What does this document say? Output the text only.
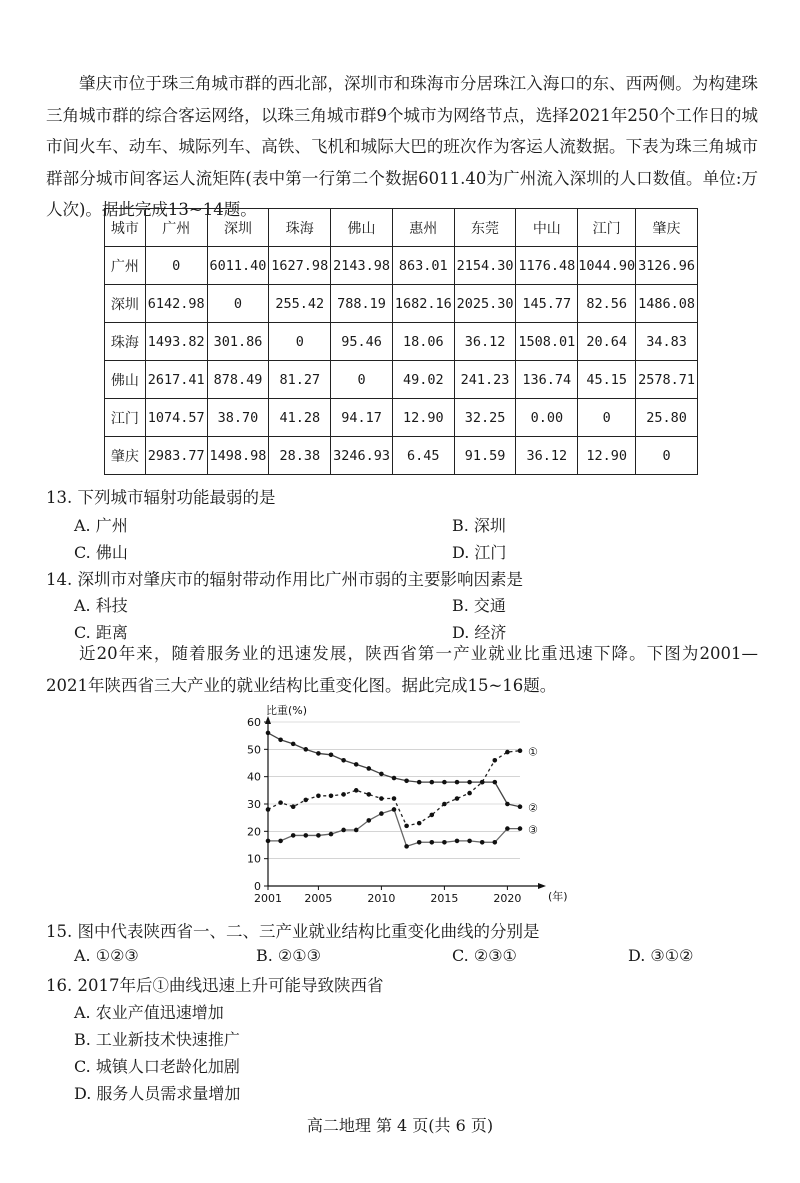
肇庆市位于珠三角城市群的西北部，深圳市和珠海市分居珠江入海口的东、西两侧。为构建珠三角城市群的综合客运网络，以珠三角城市群9个城市为网络节点，选择2021年250个工作日的城市间火车、动车、城际列车、高铁、飞机和城际大巴的班次作为客运人流数据。下表为珠三角城市群部分城市间客运人流矩阵(表中第一行第二个数据6011.40为广州流入深圳的人口数值。单位:万人次)。据此完成13~14题。

城市	广州	深圳	珠海	佛山	惠州	东莞	中山	江门	肇庆
广州	0	6011.40	1627.98	2143.98	863.01	2154.30	1176.48	1044.90	3126.96
深圳	6142.98	0	255.42	788.19	1682.16	2025.30	145.77	82.56	1486.08
珠海	1493.82	301.86	0	95.46	18.06	36.12	1508.01	20.64	34.83
佛山	2617.41	878.49	81.27	0	49.02	241.23	136.74	45.15	2578.71
江门	1074.57	38.70	41.28	94.17	12.90	32.25	0.00	0	25.80
肇庆	2983.77	1498.98	28.38	3246.93	6.45	91.59	36.12	12.90	0

13. 下列城市辐射功能最弱的是

A. 广州	B. 深圳

C. 佛山	D. 江门

14. 深圳市对肇庆市的辐射带动作用比广州市弱的主要影响因素是

A. 科技	B. 交通

C. 距离	D. 经济

近20年来，随着服务业的迅速发展，陕西省第一产业就业比重迅速下降。下图为2001—2021年陕西省三大产业的就业结构比重变化图。据此完成15~16题。

比重(%)
0
10
20
30
40
50
60
2001 2005	2010	2015	2020
①
②
③
(年)

15. 图中代表陕西省一、二、三产业就业结构比重变化曲线的分别是

A. ①②③	B. ②①③	C. ②③①	D. ③①②

16. 2017年后①曲线迅速上升可能导致陕西省

A. 农业产值迅速增加

B. 工业新技术快速推广

C. 城镇人口老龄化加剧

D. 服务人员需求量增加

高二地理 第 4 页(共 6 页)
